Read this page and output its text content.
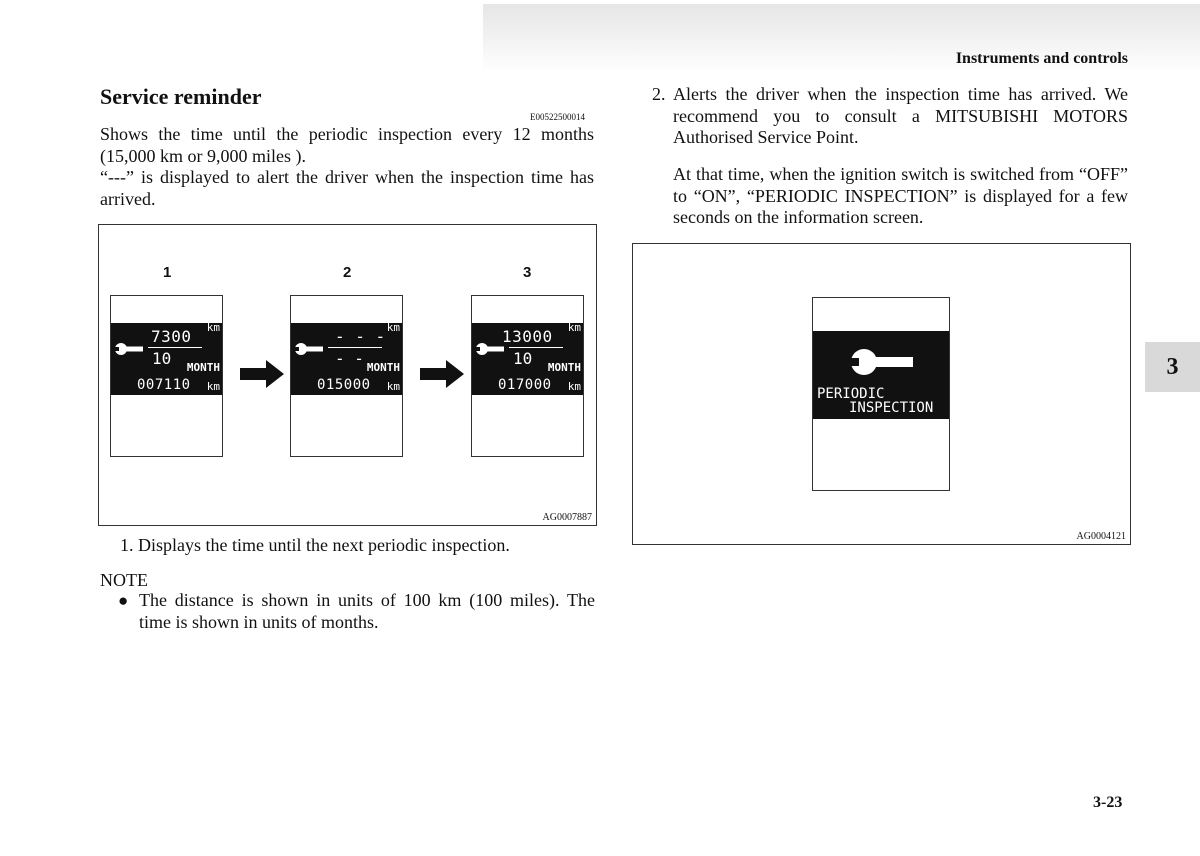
Instruments and controls
3
3-23
Service reminder
E00522500014
Shows the time until the periodic inspection every 12 months (15,000 km or 9,000 miles ).
“---” is displayed to alert the driver when the inspection time has arrived.
1	2	3
km
7300
10 MONTH
007110 km
km
- - -
- - MONTH
015000 km
km
13000
10 MONTH
017000 km
AG0007887
1. Displays the time until the next periodic inspection.
NOTE
● The distance is shown in units of 100 km (100 miles). The time is shown in units of months.
2. Alerts the driver when the inspection time has arrived. We recommend you to consult a MITSUBISHI MOTORS Authorised Service Point.
At that time, when the ignition switch is switched from “OFF” to “ON”, “PERIODIC INSPECTION” is displayed for a few seconds on the information screen.
AG0004121
PERIODIC
INSPECTION
